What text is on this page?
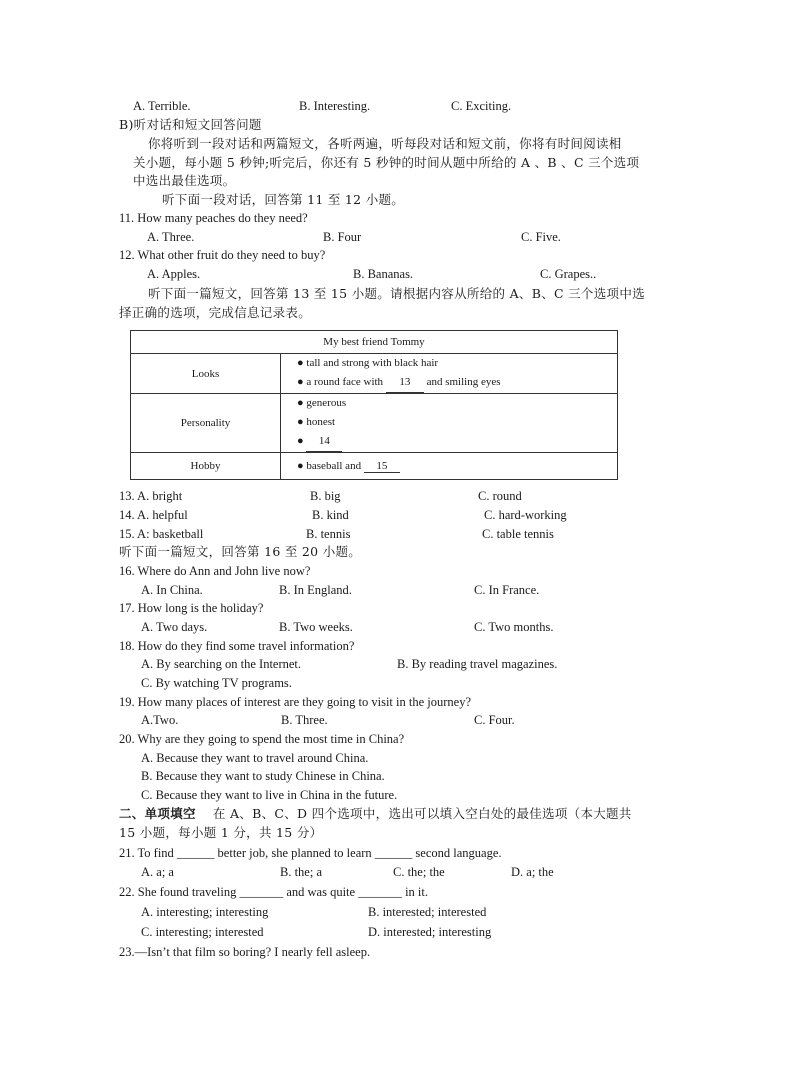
A. Terrible.	B. Interesting.	C. Exciting.
B)听对话和短文回答问题
你将听到一段对话和两篇短文，各听两遍，听每段对话和短文前，你将有时间阅读相
关小题，每小题 5 秒钟;听完后，你还有 5 秒钟的时间从题中所给的 A 、B 、C 三个选项
中选出最佳选项。
听下面一段对话，回答第 11 至 12 小题。
11. How many peaches do they need?
A. Three.	B. Four	C. Five.
12. What other fruit do they need to buy?
A. Apples.	B. Bananas.	C. Grapes..
听下面一篇短文，回答第 13 至 15 小题。请根据内容从所给的 A、B、C 三个选项中选
择正确的选项，完成信息记录表。
My best friend Tommy	
Looks	● tall and strong with black hair
● a round face with 13 and smiling eyes

Personality	● generous
● honest
● 14

Hobby	● baseball and 15
13. A. bright	B. big	C. round
14. A. helpful	B. kind	C. hard-working
15. A: basketball	B. tennis	C. table tennis
听下面一篇短文，回答第 16 至 20 小题。
16. Where do Ann and John live now?
A. In China.	B. In England.	C. In France.
17. How long is the holiday?
A. Two days.	B. Two weeks.	C. Two months.
18. How do they find some travel information?
A. By searching on the Internet.	B. By reading travel magazines.
C. By watching TV programs.
19. How many places of interest are they going to visit in the journey?
A.Two.	B. Three.	C. Four.
20. Why are they going to spend the most time in China?
A. Because they want to travel around China.
B. Because they want to study Chinese in China.
C. Because they want to live in China in the future.
二、单项填空 在 A、B、C、D 四个选项中，选出可以填入空白处的最佳选项（本大题共
15 小题，每小题 1 分，共 15 分）
21. To find ______ better job, she planned to learn ______ second language.
A. a; a	B. the; a	C. the; the	D. a; the
22. She found traveling _______ and was quite _______ in it.
A. interesting; interesting	B. interested; interested
C. interesting; interested	D. interested; interesting
23.—Isn’t that film so boring? I nearly fell asleep.
